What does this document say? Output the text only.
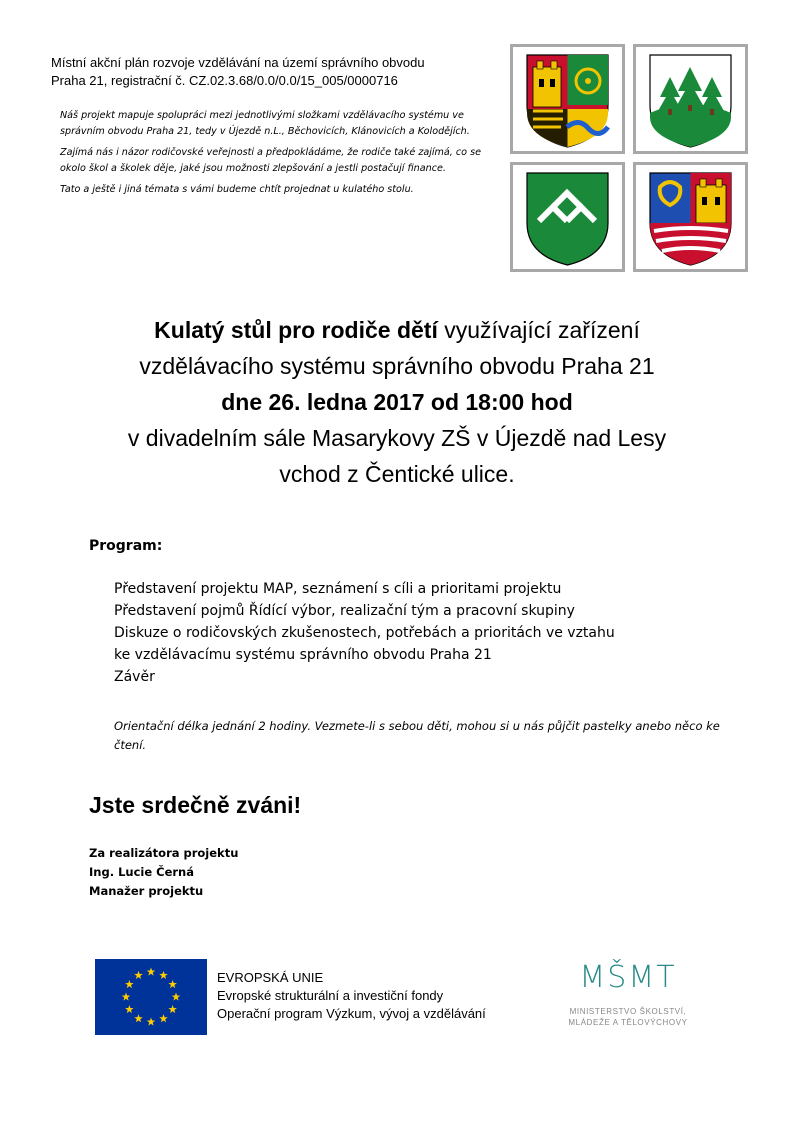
Místní akční plán rozvoje vzdělávání na území správního obvodu
Praha 21, registrační č. CZ.02.3.68/0.0/0.0/15_005/0000716

Náš projekt mapuje spolupráci mezi jednotlivými složkami vzdělávacího systému ve správním obvodu Praha 21, tedy v Újezdě n.L., Běchovicích, Klánovicích a Kolodějích.

Zajímá nás i názor rodičovské veřejnosti a předpokládáme, že rodiče také zajímá, co se okolo škol a školek děje, jaké jsou možnosti zlepšování a jestli postačují finance.

Tato a ještě i jiná témata s vámi budeme chtít projednat u kulatého stolu.

Kulatý stůl pro rodiče dětí využívající zařízení
vzdělávacího systému správního obvodu Praha 21
dne 26. ledna 2017 od 18:00 hod
v divadelním sále Masarykovy ZŠ v Újezdě nad Lesy
vchod z Čentické ulice.
Program:
Představení projektu MAP, seznámení s cíli a prioritami projektu
Představení pojmů Řídící výbor, realizační tým a pracovní skupiny
Diskuze o rodičovských zkušenostech, potřebách a prioritách ve vztahu
ke vzdělávacímu systému správního obvodu Praha 21
Závěr
Orientační délka jednání 2 hodiny. Vezmete-li s sebou děti, mohou si u nás půjčit pastelky anebo něco ke čtení.
Jste srdečně zváni!
Za realizátora projektu
Ing. Lucie Černá
Manažer projektu
EVROPSKÁ UNIE
Evropské strukturální a investiční fondy
Operační program Výzkum, vývoj a vzdělávání
MŠMT
MINISTERSTVO ŠKOLSTVÍ,
MLÁDEŽE A TĚLOVÝCHOVY
